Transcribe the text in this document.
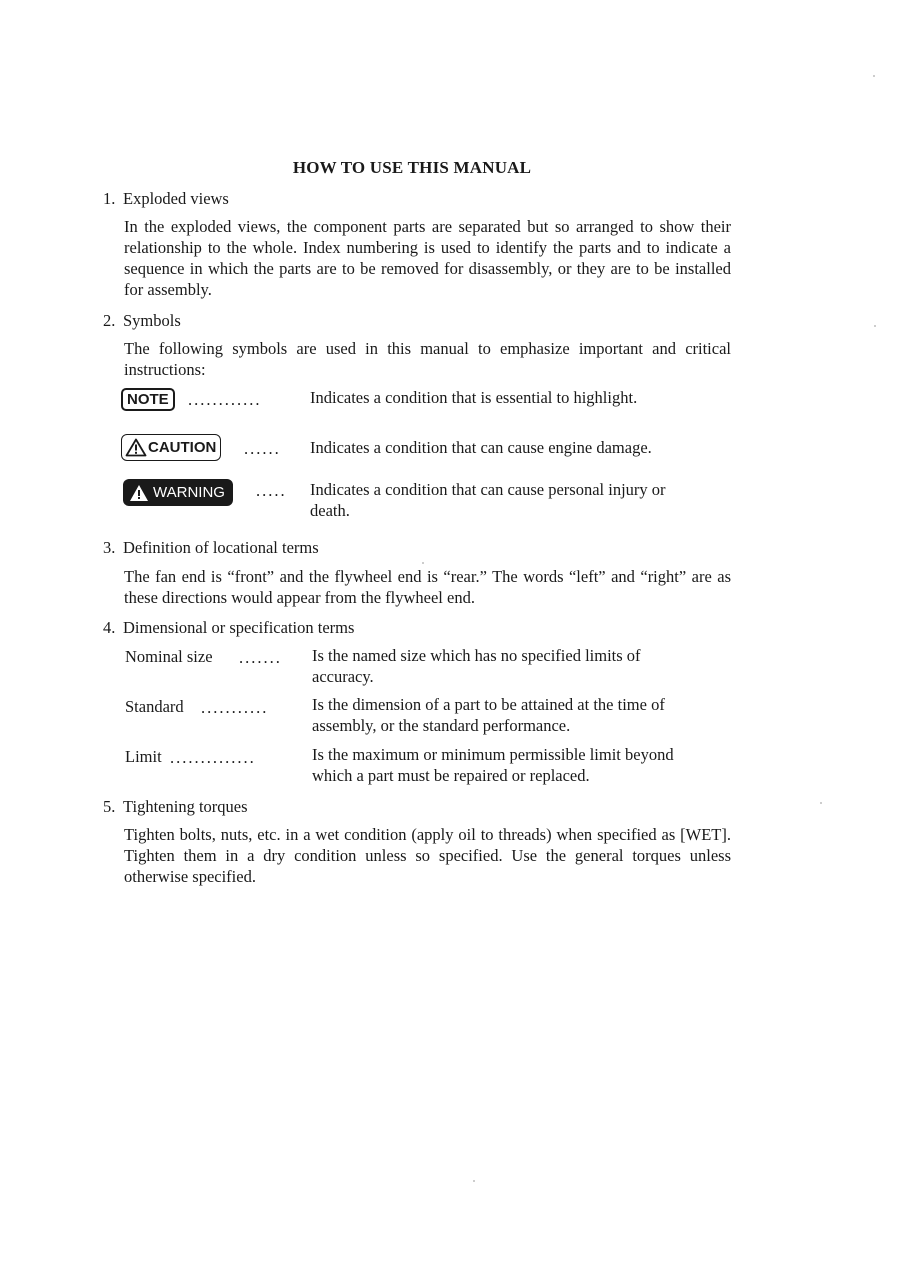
HOW TO USE THIS MANUAL
1. Exploded views
In the exploded views, the component parts are separated but so arranged to show their relationship to the whole. Index numbering is used to identify the parts and to indicate a sequence in which the parts are to be removed for disassembly, or they are to be installed for assembly.
2. Symbols
The following symbols are used in this manual to emphasize important and critical instructions:
NOTE	............	Indicates a condition that is essential to highlight.
CAUTION ...... Indicates a condition that can cause engine damage.
WARNING ..... Indicates a condition that can cause personal injury or
death.
3. Definition of locational terms
The fan end is “front” and the flywheel end is “rear.” The words “left” and “right” are as these directions would appear from the flywheel end.
4. Dimensional or specification terms
Nominal size ....... Is the named size which has no specified limits of
accuracy.
Standard ...........	Is the dimension of a part to be attained at the time of
assembly, or the standard performance.
Limit ..............	Is the maximum or minimum permissible limit beyond
which a part must be repaired or replaced.
5. Tightening torques
Tighten bolts, nuts, etc. in a wet condition (apply oil to threads) when specified as [WET]. Tighten them in a dry condition unless so specified. Use the general torques unless otherwise specified.
